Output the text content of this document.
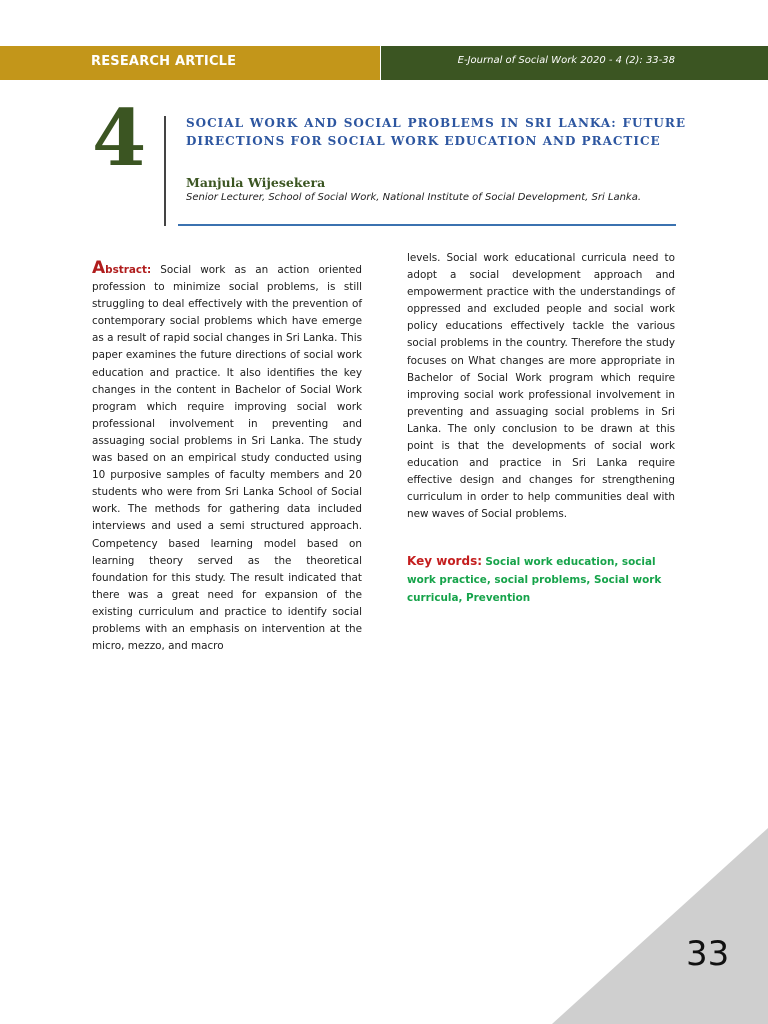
RESEARCH ARTICLE	E-Journal of Social Work 2020 - 4 (2): 33-38
4	SOCIAL WORK AND SOCIAL PROBLEMS IN SRI LANKA: FUTURE DIRECTIONS FOR SOCIAL WORK EDUCATION AND PRACTICE
Manjula Wijesekera
Senior Lecturer, School of Social Work, National Institute of Social Development, Sri Lanka.
Abstract: Social work as an action oriented profession to minimize social problems, is still struggling to deal effectively with the prevention of contemporary social problems which have emerge as a result of rapid social changes in Sri Lanka. This paper examines the future directions of social work education and practice. It also identifies the key changes in the content in Bachelor of Social Work program which require improving social work professional involvement in preventing and assuaging social problems in Sri Lanka. The study was based on an empirical study conducted using 10 purposive samples of faculty members and 20 students who were from Sri Lanka School of Social work. The methods for gathering data included interviews and used a semi structured approach. Competency based learning model based on learning theory served as the theoretical foundation for this study. The result indicated that there was a great need for expansion of the existing curriculum and practice to identify social problems with an emphasis on intervention at the micro, mezzo, and macro
levels. Social work educational curricula need to adopt a social development approach and empowerment practice with the understandings of oppressed and excluded people and social work policy educations effectively tackle the various social problems in the country. Therefore the study focuses on What changes are more appropriate in Bachelor of Social Work program which require improving social work professional involvement in preventing and assuaging social problems in Sri Lanka. The only conclusion to be drawn at this point is that the developments of social work education and practice in Sri Lanka require effective design and changes for strengthening curriculum in order to help communities deal with new waves of Social problems.
Key words: Social work education, social work practice, social problems, Social work curricula, Prevention
33
